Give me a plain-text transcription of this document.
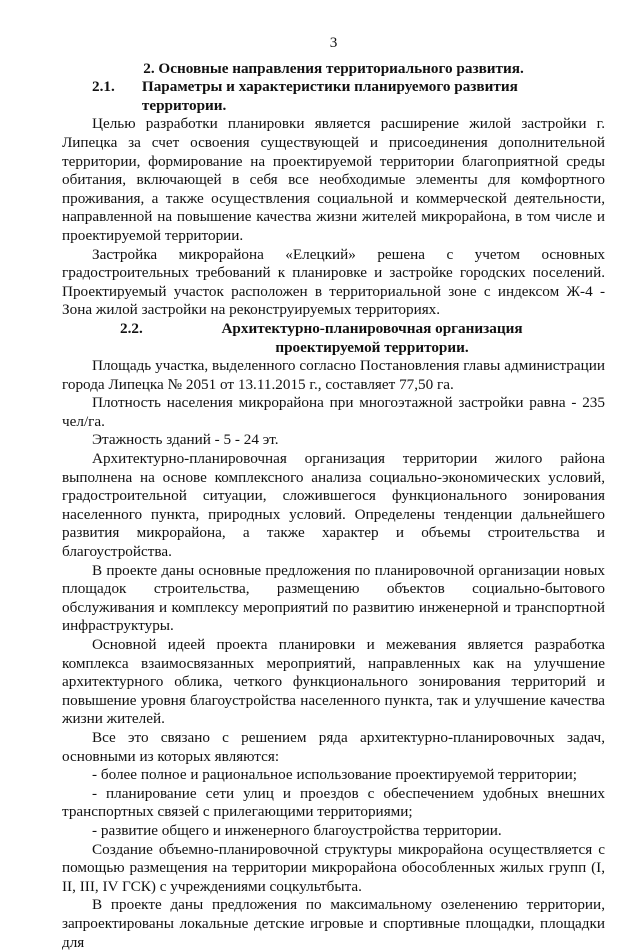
3
2. Основные направления территориального развития.
2.1.	Параметры и характеристики планируемого развития территории.

Целью разработки планировки является расширение жилой застройки г. Липецка за счет освоения существующей и присоединения дополнительной территории, формирование на проектируемой территории благоприятной среды обитания, включающей в себя все необходимые элементы для комфортного проживания, а также осуществления социальной и коммерческой деятельности, направленной на повышение качества жизни жителей микрорайона, в том числе и проектируемой территории.

Застройка микрорайона «Елецкий» решена с учетом основных градостроительных требований к планировке и застройке городских поселений. Проектируемый участок расположен в территориальной зоне с индексом Ж-4 - Зона жилой застройки на реконструируемых территориях.

2.2.	Архитектурно-планировочная организация проектируемой территории.

Площадь участка, выделенного согласно Постановления главы администрации города Липецка № 2051 от 13.11.2015 г., составляет 77,50 га.

Плотность населения микрорайона при многоэтажной застройки равна - 235 чел/га.

Этажность зданий - 5 - 24 эт.

Архитектурно-планировочная организация территории жилого района выполнена на основе комплексного анализа социально-экономических условий, градостроительной ситуации, сложившегося функционального зонирования населенного пункта, природных условий. Определены тенденции дальнейшего развития микрорайона, а также характер и объемы строительства и благоустройства.

В проекте даны основные предложения по планировочной организации новых площадок строительства, размещению объектов социально-бытового обслуживания и комплексу мероприятий по развитию инженерной и транспортной инфраструктуры.

Основной идеей проекта планировки и межевания является разработка комплекса взаимосвязанных мероприятий, направленных как на улучшение архитектурного облика, четкого функционального зонирования территорий и повышение уровня благоустройства населенного пункта, так и улучшение качества жизни жителей.

Все это связано с решением ряда архитектурно-планировочных задач, основными из которых являются:

- более полное и рациональное использование проектируемой территории;

- планирование сети улиц и проездов с обеспечением удобных внешних транспортных связей с прилегающими территориями;

- развитие общего и инженерного благоустройства территории.

Создание объемно-планировочной структуры микрорайона осуществляется с помощью размещения на территории микрорайона обособленных жилых групп (I, II, III, IV ГСК) с учреждениями соцкультбыта.

В проекте даны предложения по максимальному озеленению территории, запроектированы локальные детские игровые и спортивные площадки, площадки для
